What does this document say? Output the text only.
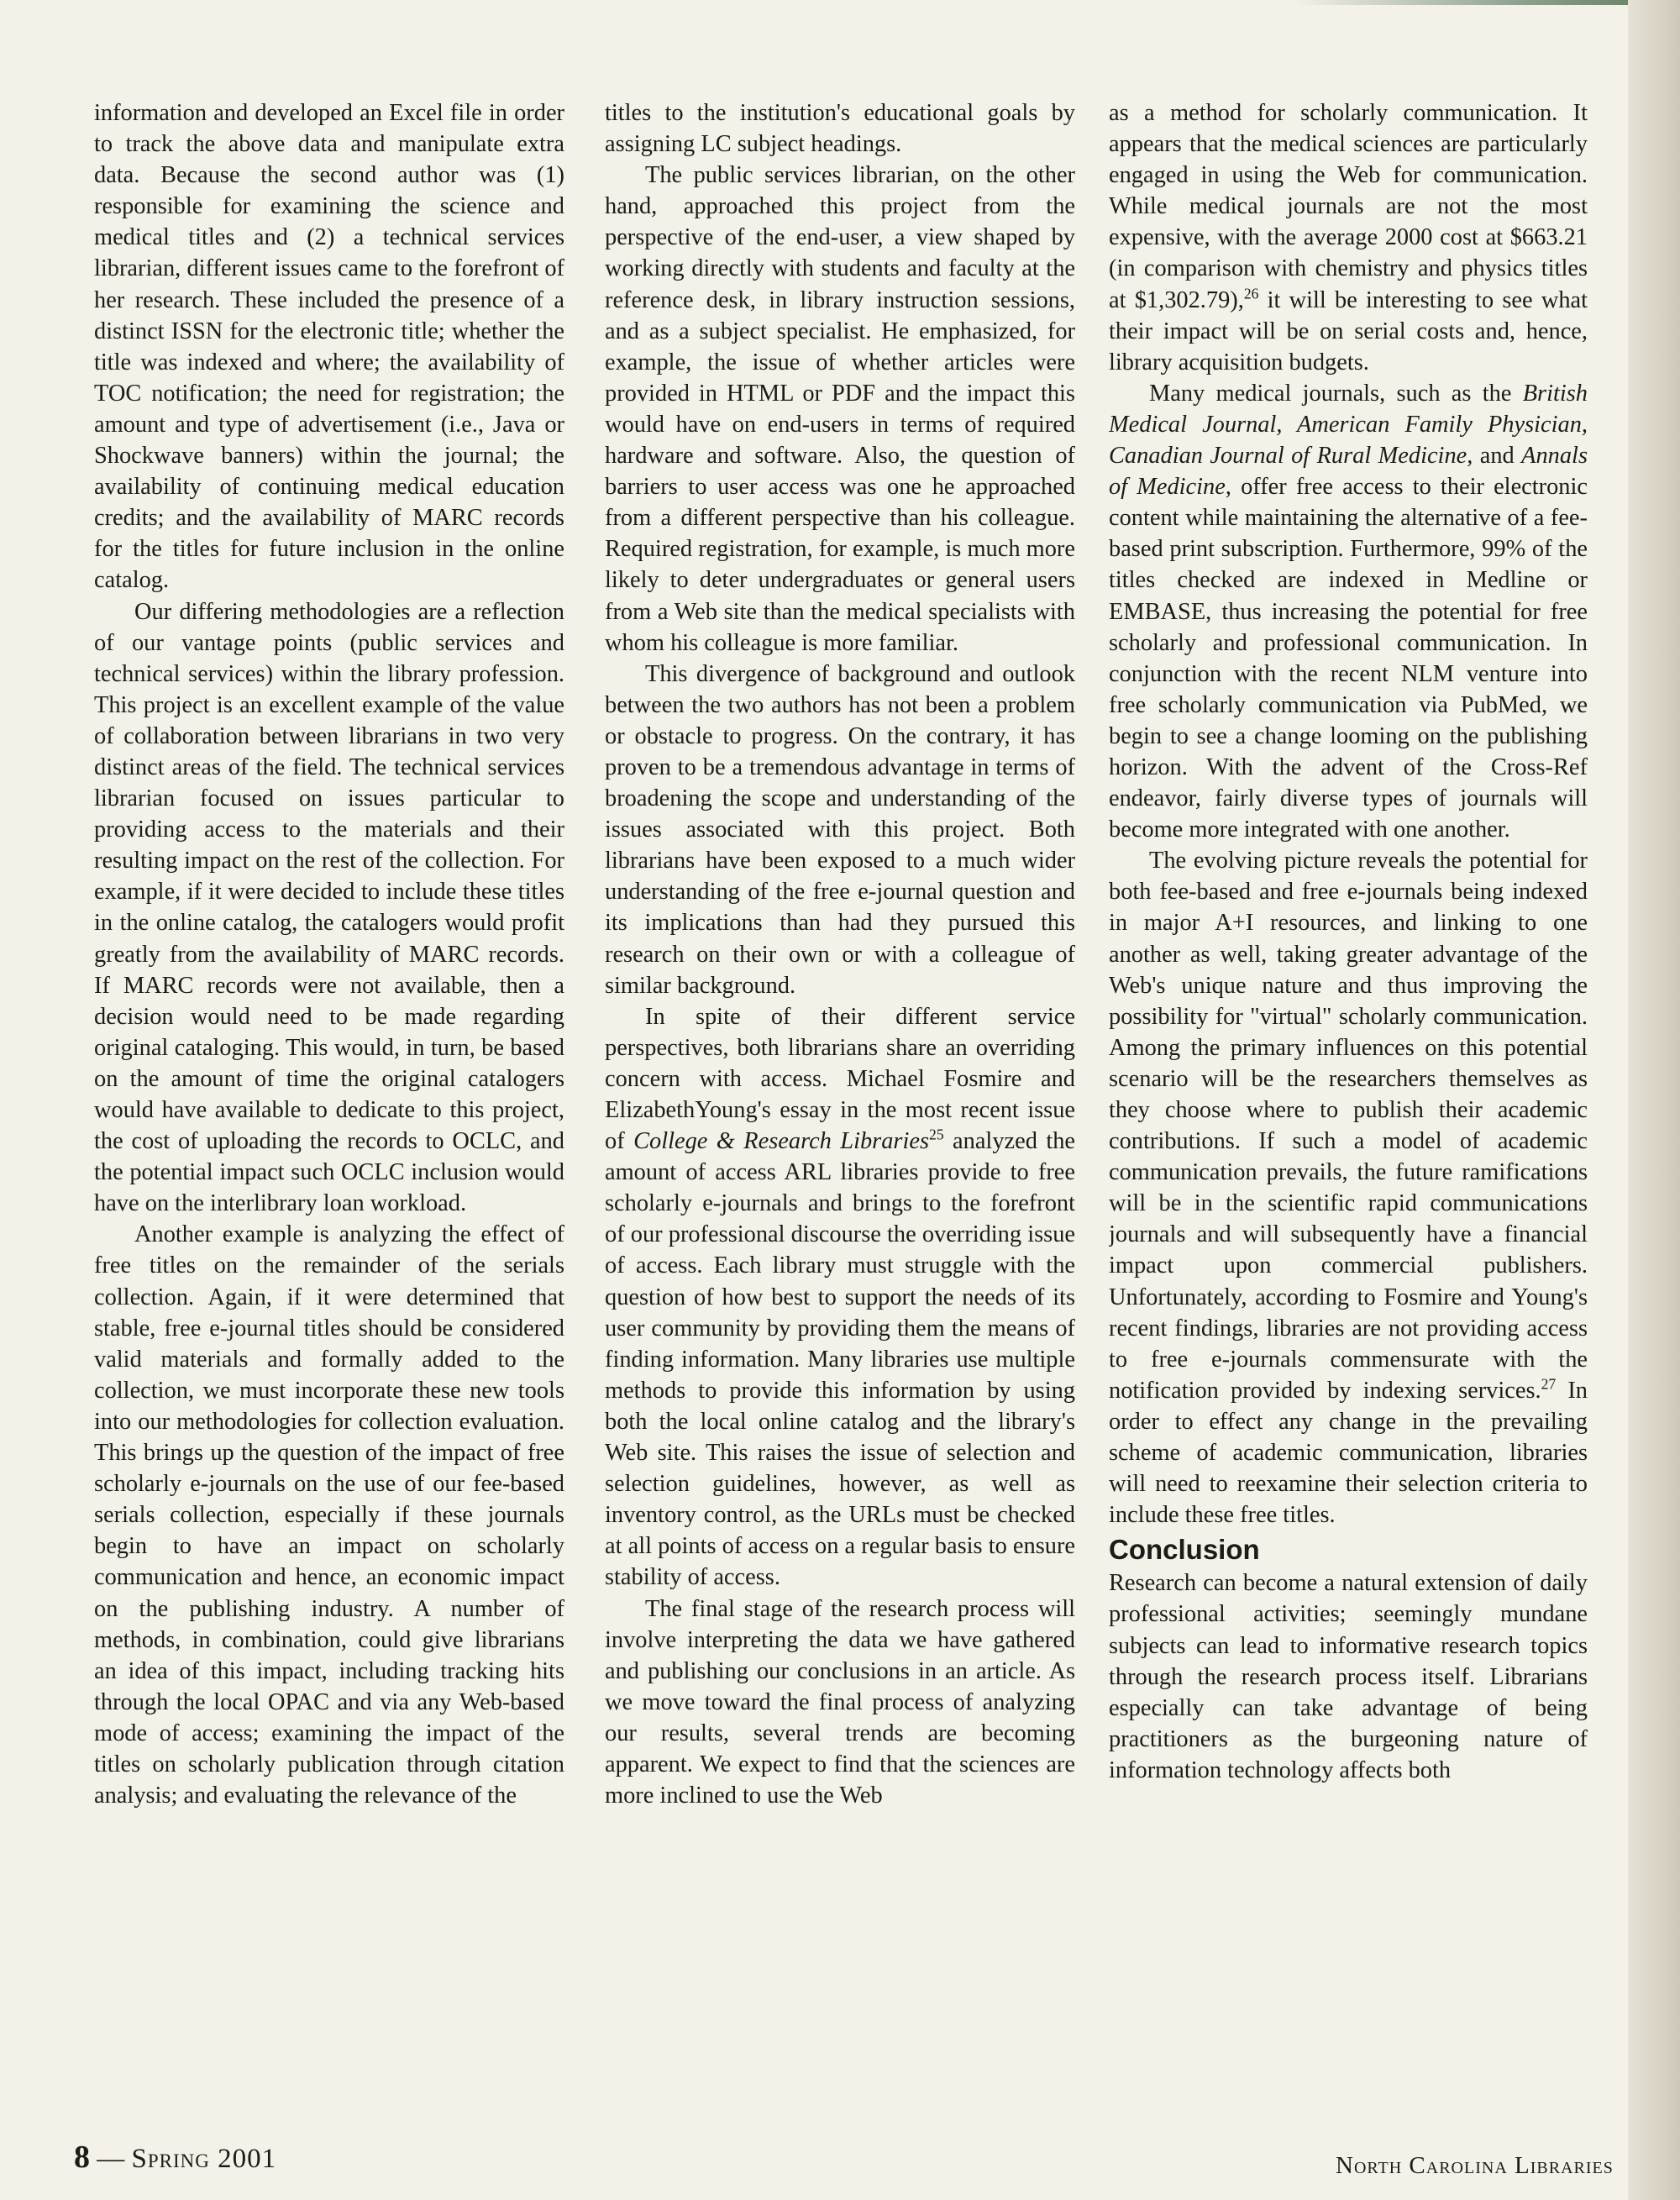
information and developed an Excel file in order to track the above data and manipulate extra data. Because the second author was (1) responsible for examining the science and medical titles and (2) a technical services librarian, different issues came to the forefront of her research. These included the presence of a distinct ISSN for the electronic title; whether the title was indexed and where; the availability of TOC notification; the need for registration; the amount and type of advertisement (i.e., Java or Shockwave banners) within the journal; the availability of continuing medical education credits; and the availability of MARC records for the titles for future inclusion in the online catalog.

Our differing methodologies are a reflection of our vantage points (public services and technical services) within the library profession. This project is an excellent example of the value of collaboration between librarians in two very distinct areas of the field. The technical services librarian focused on issues particular to providing access to the materials and their resulting impact on the rest of the collection. For example, if it were decided to include these titles in the online catalog, the catalogers would profit greatly from the availability of MARC records. If MARC records were not available, then a decision would need to be made regarding original cataloging. This would, in turn, be based on the amount of time the original catalogers would have available to dedicate to this project, the cost of uploading the records to OCLC, and the potential impact such OCLC inclusion would have on the interlibrary loan workload.

Another example is analyzing the effect of free titles on the remainder of the serials collection. Again, if it were determined that stable, free e-journal titles should be considered valid materials and formally added to the collection, we must incorporate these new tools into our methodologies for collection evaluation. This brings up the question of the impact of free scholarly e-journals on the use of our fee-based serials collection, especially if these journals begin to have an impact on scholarly communication and hence, an economic impact on the publishing industry. A number of methods, in combination, could give librarians an idea of this impact, including tracking hits through the local OPAC and via any Web-based mode of access; examining the impact of the titles on scholarly publication through citation analysis; and evaluating the relevance of the

titles to the institution's educational goals by assigning LC subject headings.

The public services librarian, on the other hand, approached this project from the perspective of the end-user, a view shaped by working directly with students and faculty at the reference desk, in library instruction sessions, and as a subject specialist. He emphasized, for example, the issue of whether articles were provided in HTML or PDF and the impact this would have on end-users in terms of required hardware and software. Also, the question of barriers to user access was one he approached from a different perspective than his colleague. Required registration, for example, is much more likely to deter undergraduates or general users from a Web site than the medical specialists with whom his colleague is more familiar.

This divergence of background and outlook between the two authors has not been a problem or obstacle to progress. On the contrary, it has proven to be a tremendous advantage in terms of broadening the scope and understanding of the issues associated with this project. Both librarians have been exposed to a much wider understanding of the free e-journal question and its implications than had they pursued this research on their own or with a colleague of similar background.

In spite of their different service perspectives, both librarians share an overriding concern with access. Michael Fosmire and ElizabethYoung's essay in the most recent issue of College & Research Libraries$^{25}$ analyzed the amount of access ARL libraries provide to free scholarly e-journals and brings to the forefront of our professional discourse the overriding issue of access. Each library must struggle with the question of how best to support the needs of its user community by providing them the means of finding information. Many libraries use multiple methods to provide this information by using both the local online catalog and the library's Web site. This raises the issue of selection and selection guidelines, however, as well as inventory control, as the URLs must be checked at all points of access on a regular basis to ensure stability of access.

The final stage of the research process will involve interpreting the data we have gathered and publishing our conclusions in an article. As we move toward the final process of analyzing our results, several trends are becoming apparent. We expect to find that the sciences are more inclined to use the Web

as a method for scholarly communication. It appears that the medical sciences are particularly engaged in using the Web for communication. While medical journals are not the most expensive, with the average 2000 cost at $663.21 (in comparison with chemistry and physics titles at $1,302.79),$^{26}$ it will be interesting to see what their impact will be on serial costs and, hence, library acquisition budgets.

Many medical journals, such as the British Medical Journal, American Family Physician, Canadian Journal of Rural Medicine, and Annals of Medicine, offer free access to their electronic content while maintaining the alternative of a fee-based print subscription. Furthermore, 99% of the titles checked are indexed in Medline or EMBASE, thus increasing the potential for free scholarly and professional communication. In conjunction with the recent NLM venture into free scholarly communication via PubMed, we begin to see a change looming on the publishing horizon. With the advent of the Cross-Ref endeavor, fairly diverse types of journals will become more integrated with one another.

The evolving picture reveals the potential for both fee-based and free e-journals being indexed in major A+I resources, and linking to one another as well, taking greater advantage of the Web's unique nature and thus improving the possibility for "virtual" scholarly communication. Among the primary influences on this potential scenario will be the researchers themselves as they choose where to publish their academic contributions. If such a model of academic communication prevails, the future ramifications will be in the scientific rapid communications journals and will subsequently have a financial impact upon commercial publishers. Unfortunately, according to Fosmire and Young's recent findings, libraries are not providing access to free e-journals commensurate with the notification provided by indexing services.$^{27}$ In order to effect any change in the prevailing scheme of academic communication, libraries will need to reexamine their selection criteria to include these free titles.

Conclusion

Research can become a natural extension of daily professional activities; seemingly mundane subjects can lead to informative research topics through the research process itself. Librarians especially can take advantage of being practitioners as the burgeoning nature of information technology affects both

8 — Spring 2001	North Carolina Libraries
